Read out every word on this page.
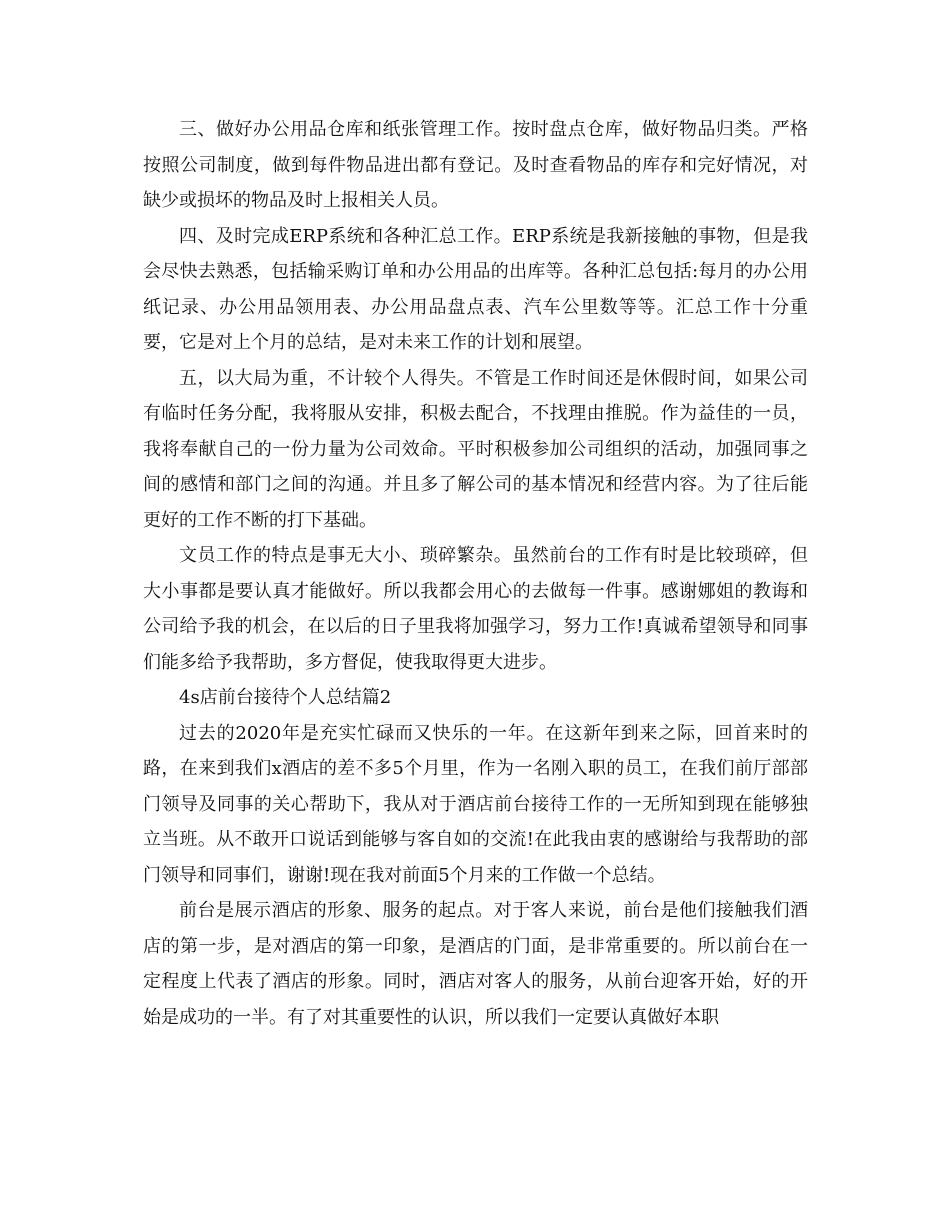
三、做好办公用品仓库和纸张管理工作。按时盘点仓库，做好物品归类。严格按照公司制度，做到每件物品进出都有登记。及时查看物品的库存和完好情况，对缺少或损坏的物品及时上报相关人员。

四、及时完成ERP系统和各种汇总工作。ERP系统是我新接触的事物，但是我会尽快去熟悉，包括输采购订单和办公用品的出库等。各种汇总包括:每月的办公用纸记录、办公用品领用表、办公用品盘点表、汽车公里数等等。汇总工作十分重要，它是对上个月的总结，是对未来工作的计划和展望。

五，以大局为重，不计较个人得失。不管是工作时间还是休假时间，如果公司有临时任务分配，我将服从安排，积极去配合，不找理由推脱。作为益佳的一员，我将奉献自己的一份力量为公司效命。平时积极参加公司组织的活动，加强同事之间的感情和部门之间的沟通。并且多了解公司的基本情况和经营内容。为了往后能更好的工作不断的打下基础。

文员工作的特点是事无大小、琐碎繁杂。虽然前台的工作有时是比较琐碎，但大小事都是要认真才能做好。所以我都会用心的去做每一件事。感谢娜姐的教诲和公司给予我的机会，在以后的日子里我将加强学习，努力工作!真诚希望领导和同事们能多给予我帮助，多方督促，使我取得更大进步。

4s店前台接待个人总结篇2

过去的2020年是充实忙碌而又快乐的一年。在这新年到来之际，回首来时的路，在来到我们x酒店的差不多5个月里，作为一名刚入职的员工，在我们前厅部部门领导及同事的关心帮助下，我从对于酒店前台接待工作的一无所知到现在能够独立当班。从不敢开口说话到能够与客自如的交流!在此我由衷的感谢给与我帮助的部门领导和同事们，谢谢!现在我对前面5个月来的工作做一个总结。

前台是展示酒店的形象、服务的起点。对于客人来说，前台是他们接触我们酒店的第一步，是对酒店的第一印象，是酒店的门面，是非常重要的。所以前台在一定程度上代表了酒店的形象。同时，酒店对客人的服务，从前台迎客开始，好的开始是成功的一半。有了对其重要性的认识，所以我们一定要认真做好本职
